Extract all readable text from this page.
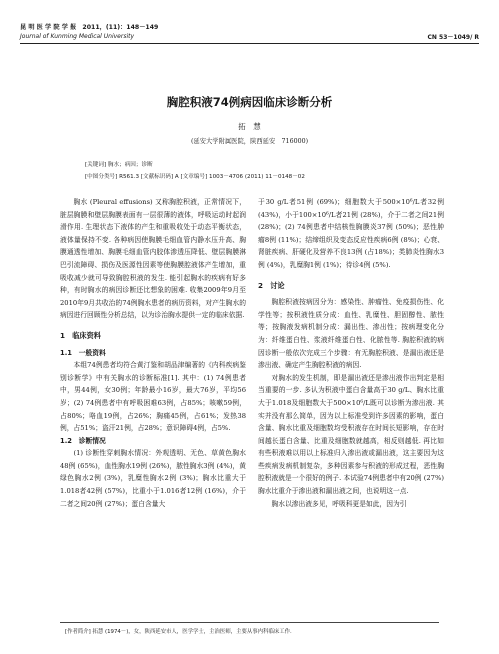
昆 明 医 学 院 学 报　2011，(11)：148－149
Journal of Kunming Medical University	CN 53－1049/ R
胸腔积液74例病因临床诊断分析
拓　慧
(延安大学附属医院，陕西延安　716000)
[关键词] 胸水；病因；诊断
[中图分类号] R561.3 [文献标识码] A [文章编号] 1003－4706 (2011) 11－0148－02

胸水 (Pleural effusions) 又称胸腔积液，正常情况下，脏层胸膜和壁层胸膜表面有一层很薄的液体，呼吸运动时起润滑作用. 生理状态下液体的产生和重吸收处于动态平衡状态，液体量保持不变. 各种病因使胸膜毛细血管内静水压升高、胸膜通透性增加、胸膜毛细血管内胶体渗透压降低、壁层胸膜淋巴引流障碍、损伤及医源性因素等使胸膜腔液体产生增加，重吸收减少就可导致胸腔积液的发生. 能引起胸水的疾病有好多种，有时胸水的病因诊断还比想象的困难. 收集2009年9月至2010年9月共收治的74例胸水患者的病历资料，对产生胸水的病因进行回顾性分析总结，以为诊治胸水提供一定的临床依据.

1　临床资料

1.1　一般资料

本组74例患者均符合黄汀鉴和胡品津编著的《内科疾病鉴别诊断学》中有关胸水的诊断标准[1]. 其中：(1) 74例患者中，男44例，女30例；年龄最小16岁，最大76岁，平均56岁；(2) 74例患者中有呼吸困难63例，占85%；咳嗽59例，占80%；咯血19例，占26%；胸痛45例，占61%；发热38例，占51%；盗汗21例，占28%；意识障碍4例，占5%.

1.2　诊断情况

(1) 诊断性穿刺胸水情况：外观透明、无色、草黄色胸水48例 (65%)，血性胸水19例 (26%)，脓性胸水3例 (4%)，黄绿色胸水2例 (3%)，乳糜性胸水2例 (3%)；胸水比重大于1.018者42例 (57%)，比重小于1.016者12例 (16%)，介于二者之间20例 (27%)；蛋白含量大

于30 g/L者51例 (69%)；细胞数大于500×10⁶/L者32例 (43%)，小于100×10⁶/L者21例 (28%)，介于二者之间21例 (28%)；(2) 74例患者中结核性胸膜炎37例 (50%)；恶性肿瘤8例 (11%)；结缔组织及变态反应性疾病6例 (8%)；心衰、肾脏疾病、肝硬化及营养不良13例 (占18%)；类肺炎性胸水3例 (4%)，乳糜胸1例 (1%)；待诊4例 (5%).

2　讨论

胸腔积液按病因分为：感染性、肿瘤性、免疫损伤性、化学性等；按积液性质分成：血性、乳糜性、胆固醇性、脓性等；按胸液发病机制分成：漏出性、渗出性；按病理变化分为：纤维蛋白性、浆液纤维蛋白性、化脓性等. 胸腔积液的病因诊断一般依次完成三个步骤：有无胸腔积液、是漏出液还是渗出液、确定产生胸腔积液的病因.

对胸水的发生机制，即是漏出液还是渗出液作出判定是相当重要的一步. 多认为积液中蛋白含量高于30 g/L、胸水比重大于1.018及细胞数大于500×10⁶/L既可以诊断为渗出液. 其实并没有那么简单，因为以上标准受到许多因素的影响，蛋白含量、胸水比重及细胞数均受积液存在时间长短影响，存在时间越长蛋白含量、比重及细胞数就越高，相反则越低. 再比如有些积液难以用以上标准归入渗出液或漏出液，这主要因为这些疾病发病机制复杂，多种因素参与积液的形成过程，恶性胸腔积液就是一个很好的例子. 本试验74例患者中有20例 (27%) 胸水比重介于渗出液和漏出液之间，也说明这一点.

胸水以渗出液多见，呼吸科更是如此，因为引

[作者简介] 拓慧 (1974－)，女，陕西延安市人，医学学士，主治医师，主要从事内科临床工作.
